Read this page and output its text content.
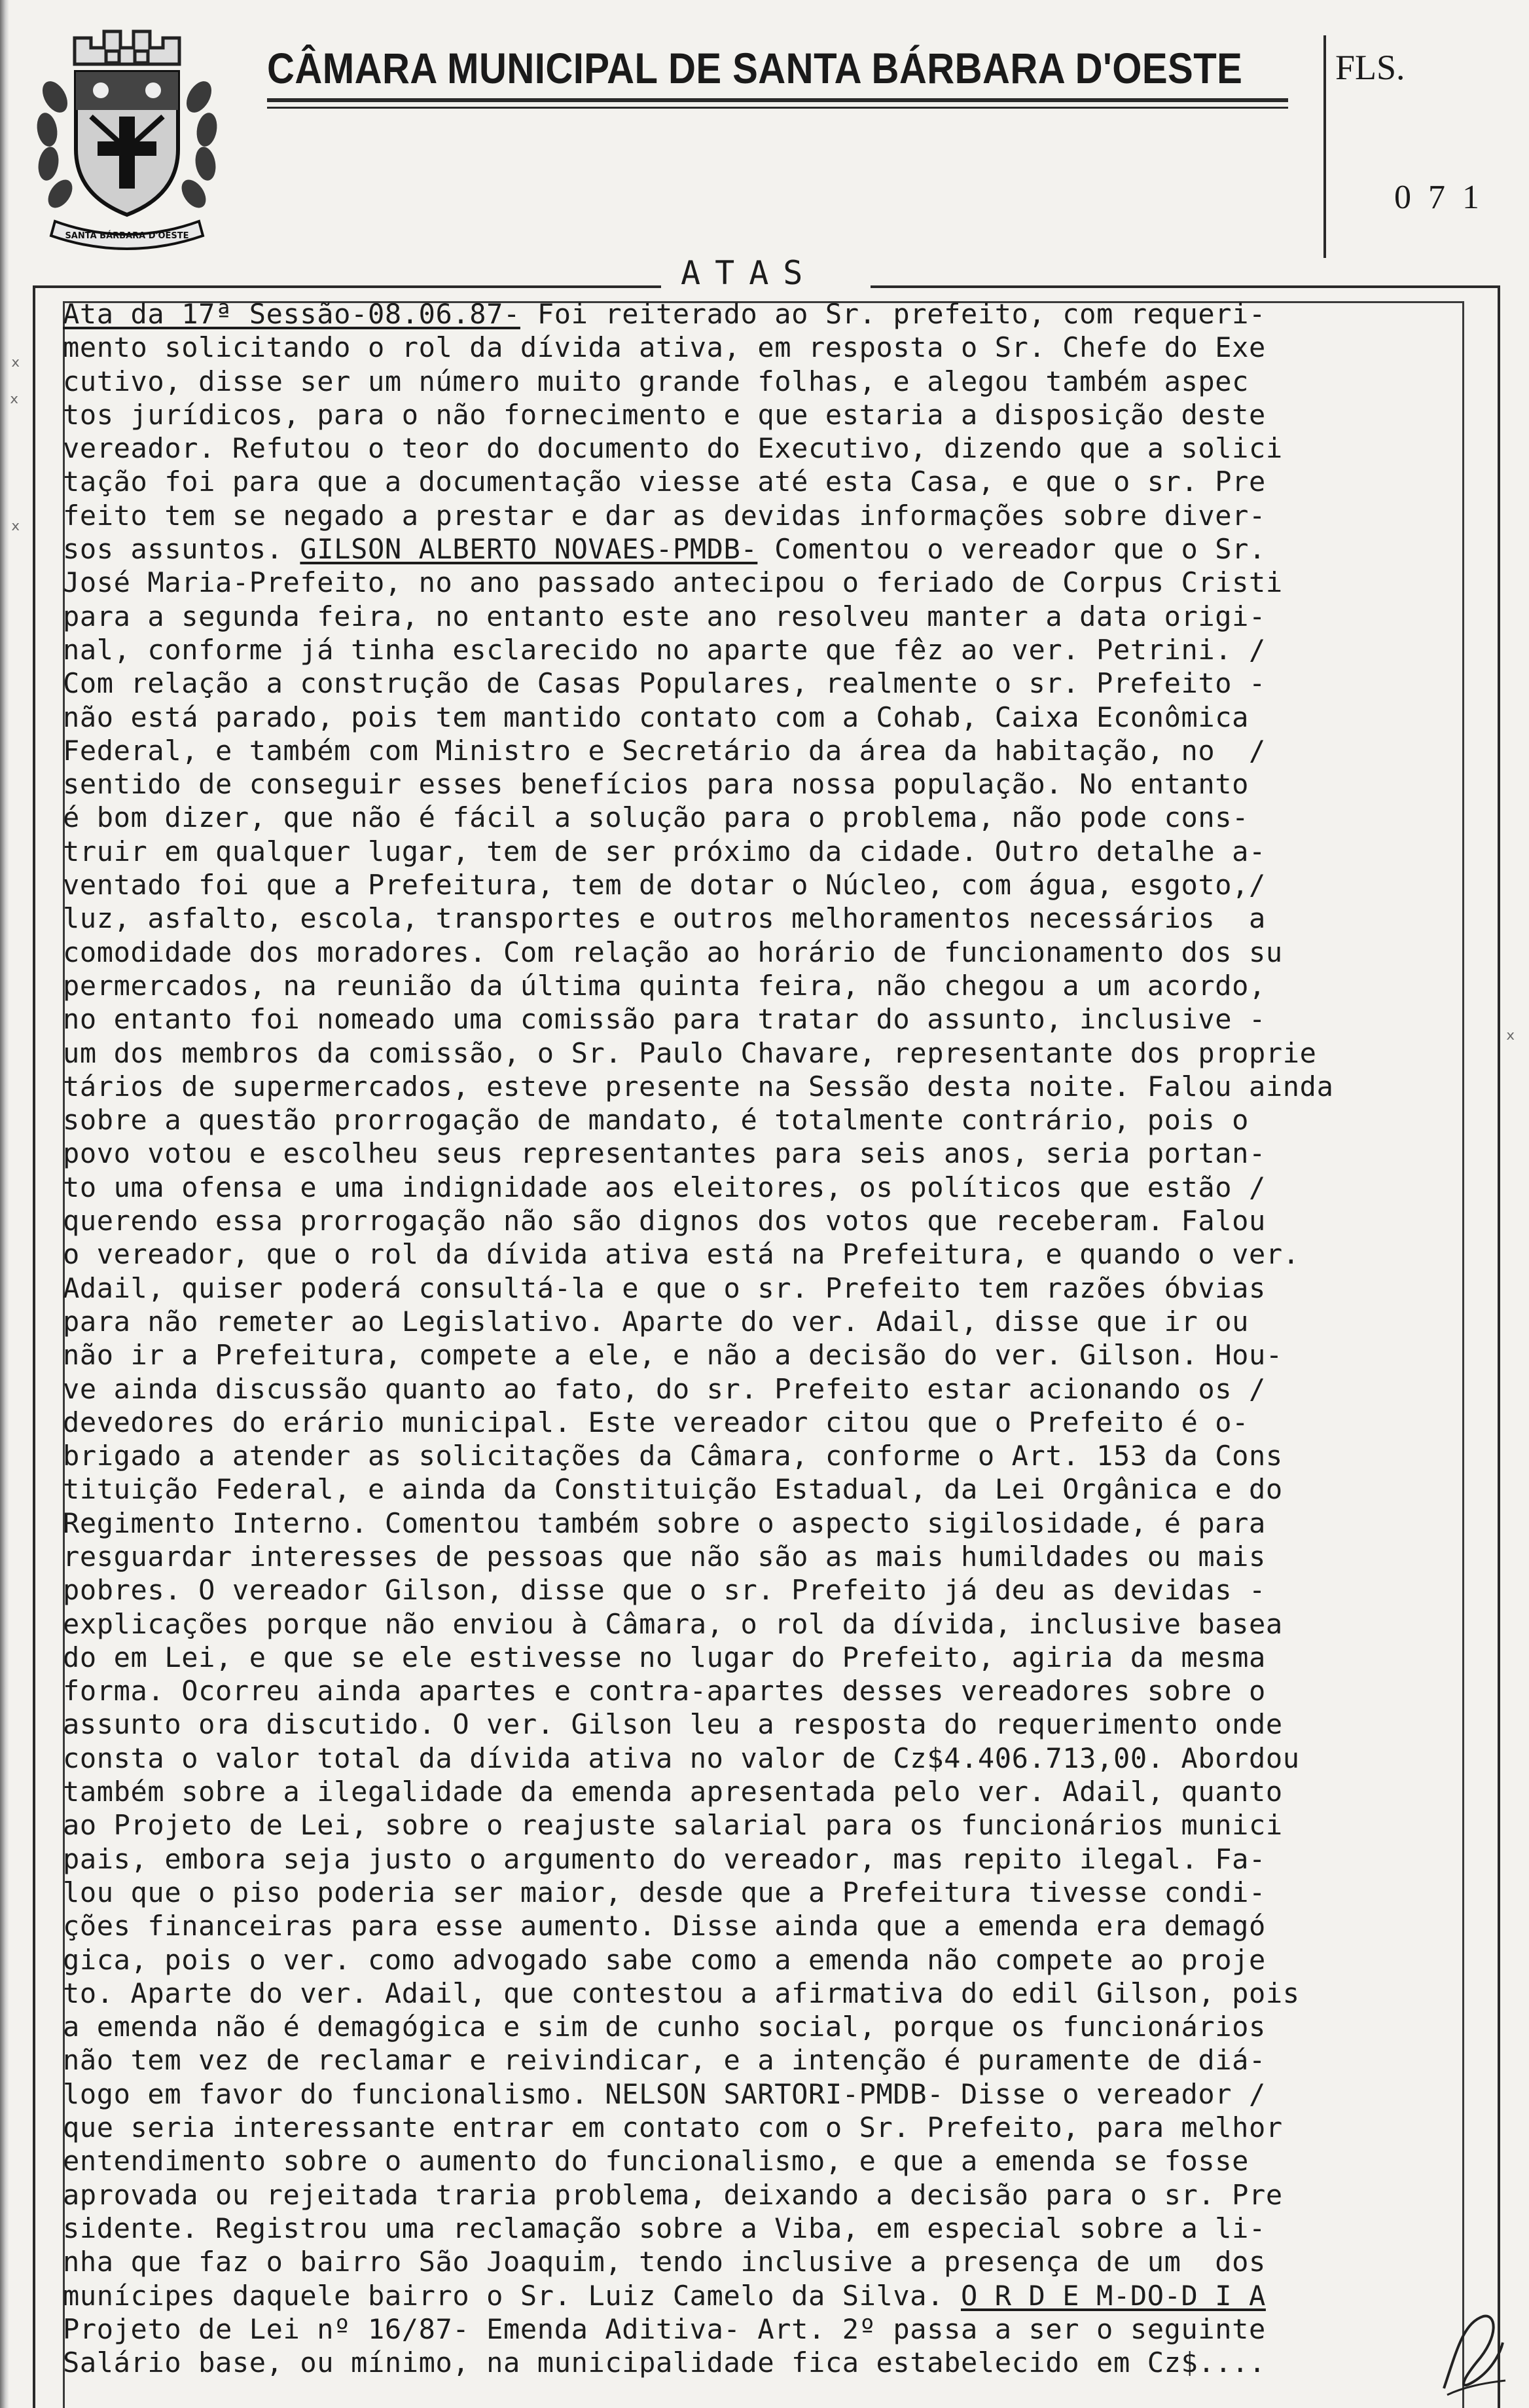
SANTA BÁRBARA D'OESTE
CÂMARA MUNICIPAL DE SANTA BÁRBARA D'OESTE	FLS.
071
ATAS
Ata da 17ª Sessão-08.06.87- Foi reiterado ao Sr. prefeito, com requeri-
mento solicitando o rol da dívida ativa, em resposta o Sr. Chefe do Exe
cutivo, disse ser um número muito grande folhas, e alegou também aspec
tos jurídicos, para o não fornecimento e que estaria a disposição deste
vereador. Refutou o teor do documento do Executivo, dizendo que a solici
tação foi para que a documentação viesse até esta Casa, e que o sr. Pre
feito tem se negado a prestar e dar as devidas informações sobre diver-
sos assuntos. GILSON ALBERTO NOVAES-PMDB- Comentou o vereador que o Sr.
José Maria-Prefeito, no ano passado antecipou o feriado de Corpus Cristi
para a segunda feira, no entanto este ano resolveu manter a data origi-
nal, conforme já tinha esclarecido no aparte que fêz ao ver. Petrini. /
Com relação a construção de Casas Populares, realmente o sr. Prefeito -
não está parado, pois tem mantido contato com a Cohab, Caixa Econômica
Federal, e também com Ministro e Secretário da área da habitação, no  /
sentido de conseguir esses benefícios para nossa população. No entanto
é bom dizer, que não é fácil a solução para o problema, não pode cons-
truir em qualquer lugar, tem de ser próximo da cidade. Outro detalhe a-
ventado foi que a Prefeitura, tem de dotar o Núcleo, com água, esgoto,/
luz, asfalto, escola, transportes e outros melhoramentos necessários  a
comodidade dos moradores. Com relação ao horário de funcionamento dos su
permercados, na reunião da última quinta feira, não chegou a um acordo,
no entanto foi nomeado uma comissão para tratar do assunto, inclusive -
um dos membros da comissão, o Sr. Paulo Chavare, representante dos proprie
tários de supermercados, esteve presente na Sessão desta noite. Falou ainda
sobre a questão prorrogação de mandato, é totalmente contrário, pois o
povo votou e escolheu seus representantes para seis anos, seria portan-
to uma ofensa e uma indignidade aos eleitores, os políticos que estão /
querendo essa prorrogação não são dignos dos votos que receberam. Falou
o vereador, que o rol da dívida ativa está na Prefeitura, e quando o ver.
Adail, quiser poderá consultá-la e que o sr. Prefeito tem razões óbvias
para não remeter ao Legislativo. Aparte do ver. Adail, disse que ir ou
não ir a Prefeitura, compete a ele, e não a decisão do ver. Gilson. Hou-
ve ainda discussão quanto ao fato, do sr. Prefeito estar acionando os /
devedores do erário municipal. Este vereador citou que o Prefeito é o-
brigado a atender as solicitações da Câmara, conforme o Art. 153 da Cons
tituição Federal, e ainda da Constituição Estadual, da Lei Orgânica e do
Regimento Interno. Comentou também sobre o aspecto sigilosidade, é para
resguardar interesses de pessoas que não são as mais humildades ou mais
pobres. O vereador Gilson, disse que o sr. Prefeito já deu as devidas -
explicações porque não enviou à Câmara, o rol da dívida, inclusive basea
do em Lei, e que se ele estivesse no lugar do Prefeito, agiria da mesma
forma. Ocorreu ainda apartes e contra-apartes desses vereadores sobre o
assunto ora discutido. O ver. Gilson leu a resposta do requerimento onde
consta o valor total da dívida ativa no valor de Cz$4.406.713,00. Abordou
também sobre a ilegalidade da emenda apresentada pelo ver. Adail, quanto
ao Projeto de Lei, sobre o reajuste salarial para os funcionários munici
pais, embora seja justo o argumento do vereador, mas repito ilegal. Fa-
lou que o piso poderia ser maior, desde que a Prefeitura tivesse condi-
ções financeiras para esse aumento. Disse ainda que a emenda era demagó
gica, pois o ver. como advogado sabe como a emenda não compete ao proje
to. Aparte do ver. Adail, que contestou a afirmativa do edil Gilson, pois
a emenda não é demagógica e sim de cunho social, porque os funcionários
não tem vez de reclamar e reivindicar, e a intenção é puramente de diá-
logo em favor do funcionalismo. NELSON SARTORI-PMDB- Disse o vereador /
que seria interessante entrar em contato com o Sr. Prefeito, para melhor
entendimento sobre o aumento do funcionalismo, e que a emenda se fosse
aprovada ou rejeitada traria problema, deixando a decisão para o sr. Pre
sidente. Registrou uma reclamação sobre a Viba, em especial sobre a li-
nha que faz o bairro São Joaquim, tendo inclusive a presença de um  dos
munícipes daquele bairro o Sr. Luiz Camelo da Silva. O R D E M-DO-D I A
Projeto de Lei nº 16/87- Emenda Aditiva- Art. 2º passa a ser o seguinte
Salário base, ou mínimo, na municipalidade fica estabelecido em Cz$....
ˣ
ˣ
ˣ
ˣ
